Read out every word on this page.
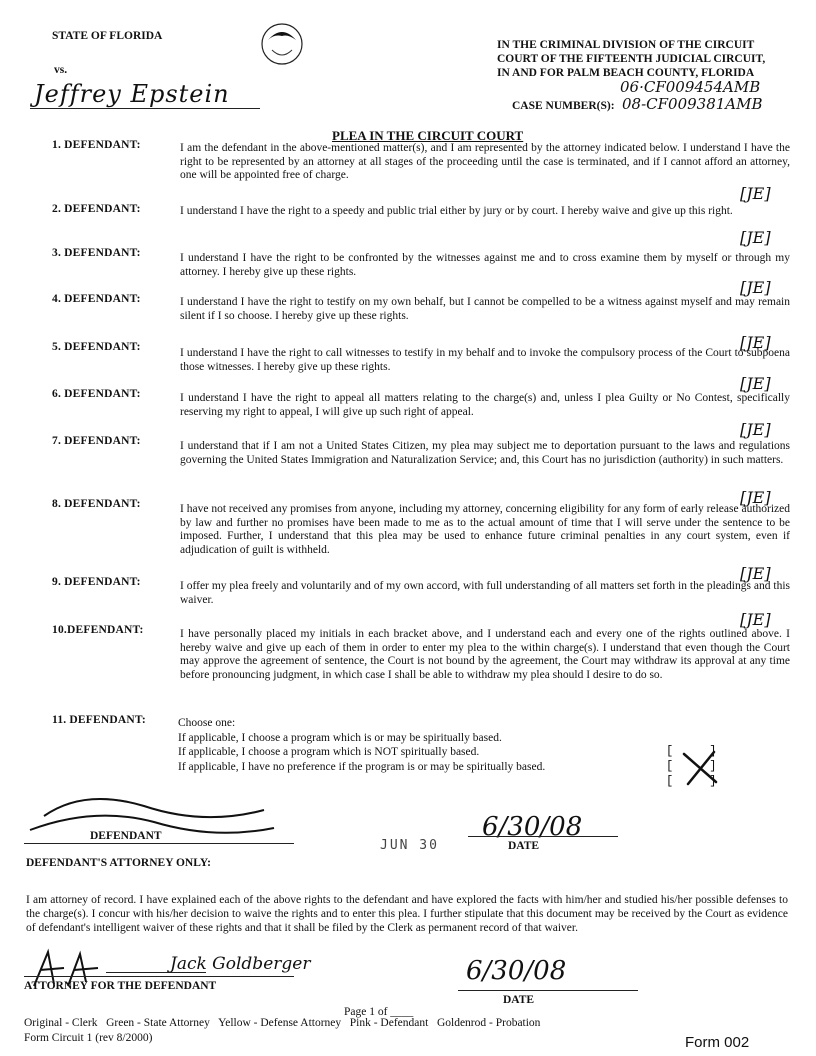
STATE OF FLORIDA
vs.
Jeffrey Epstein
IN THE CRIMINAL DIVISION OF THE CIRCUIT
COURT OF THE FIFTEENTH JUDICIAL CIRCUIT,
IN AND FOR PALM BEACH COUNTY, FLORIDA
06·CF009454AMB
CASE NUMBER(S): 08-CF009381AMB
PLEA IN THE CIRCUIT COURT
1. DEFENDANT:	I am the defendant in the above-mentioned matter(s), and I am represented by the attorney indicated below. I understand I have the right to be represented by an attorney at all stages of the proceeding until the case is terminated, and if I cannot afford an attorney, one will be appointed free of charge.
[JE]
2. DEFENDANT:	I understand I have the right to a speedy and public trial either by jury or by court. I hereby waive and give up this right.
[JE]
3. DEFENDANT:	I understand I have the right to be confronted by the witnesses against me and to cross examine them by myself or through my attorney. I hereby give up these rights.
[JE]
4. DEFENDANT:	I understand I have the right to testify on my own behalf, but I cannot be compelled to be a witness against myself and may remain silent if I so choose. I hereby give up these rights.
[JE]
5. DEFENDANT:	I understand I have the right to call witnesses to testify in my behalf and to invoke the compulsory process of the Court to subpoena those witnesses. I hereby give up these rights.
[JE]
6. DEFENDANT:	I understand I have the right to appeal all matters relating to the charge(s) and, unless I plea Guilty or No Contest, specifically reserving my right to appeal, I will give up such right of appeal.
[JE]
7. DEFENDANT:	I understand that if I am not a United States Citizen, my plea may subject me to deportation pursuant to the laws and regulations governing the United States Immigration and Naturalization Service; and, this Court has no jurisdiction (authority) in such matters.
[JE]
8. DEFENDANT:	I have not received any promises from anyone, including my attorney, concerning eligibility for any form of early release authorized by law and further no promises have been made to me as to the actual amount of time that I will serve under the sentence to be imposed. Further, I understand that this plea may be used to enhance future criminal penalties in any court system, even if adjudication of guilt is withheld.
[JE]
9. DEFENDANT:	I offer my plea freely and voluntarily and of my own accord, with full understanding of all matters set forth in the pleadings and this waiver.
[JE]
10.DEFENDANT:	I have personally placed my initials in each bracket above, and I understand each and every one of the rights outlined above. I hereby waive and give up each of them in order to enter my plea to the within charge(s). I understand that even though the Court may approve the agreement of sentence, the Court is not bound by the agreement, the Court may withdraw its approval at any time before pronouncing judgment, in which case I shall be able to withdraw my plea should I desire to do so.
11. DEFENDANT:	Choose one:
If applicable, I choose a program which is or may be spiritually based.
If applicable, I choose a program which is NOT spiritually based.
If applicable, I have no preference if the program is or may be spiritually based.
[     ]
[     ]
[     ]
DEFENDANT
JUN 30
6/30/08
DATE
DEFENDANT'S ATTORNEY ONLY:
I am attorney of record. I have explained each of the above rights to the defendant and have explored the facts with him/her and studied his/her possible defenses to the charge(s). I concur with his/her decision to waive the rights and to enter this plea. I further stipulate that this document may be received by the Court as evidence of defendant's intelligent waiver of these rights and that it shall be filed by the Clerk as permanent record of that waiver.
Jack Goldberger
ATTORNEY FOR THE DEFENDANT	6/30/08
DATE
Page 1 of ____
Original - Clerk   Green - State Attorney   Yellow - Defense Attorney   Pink - Defendant   Goldenrod - Probation
Form Circuit 1 (rev 8/2000)	Form 002
